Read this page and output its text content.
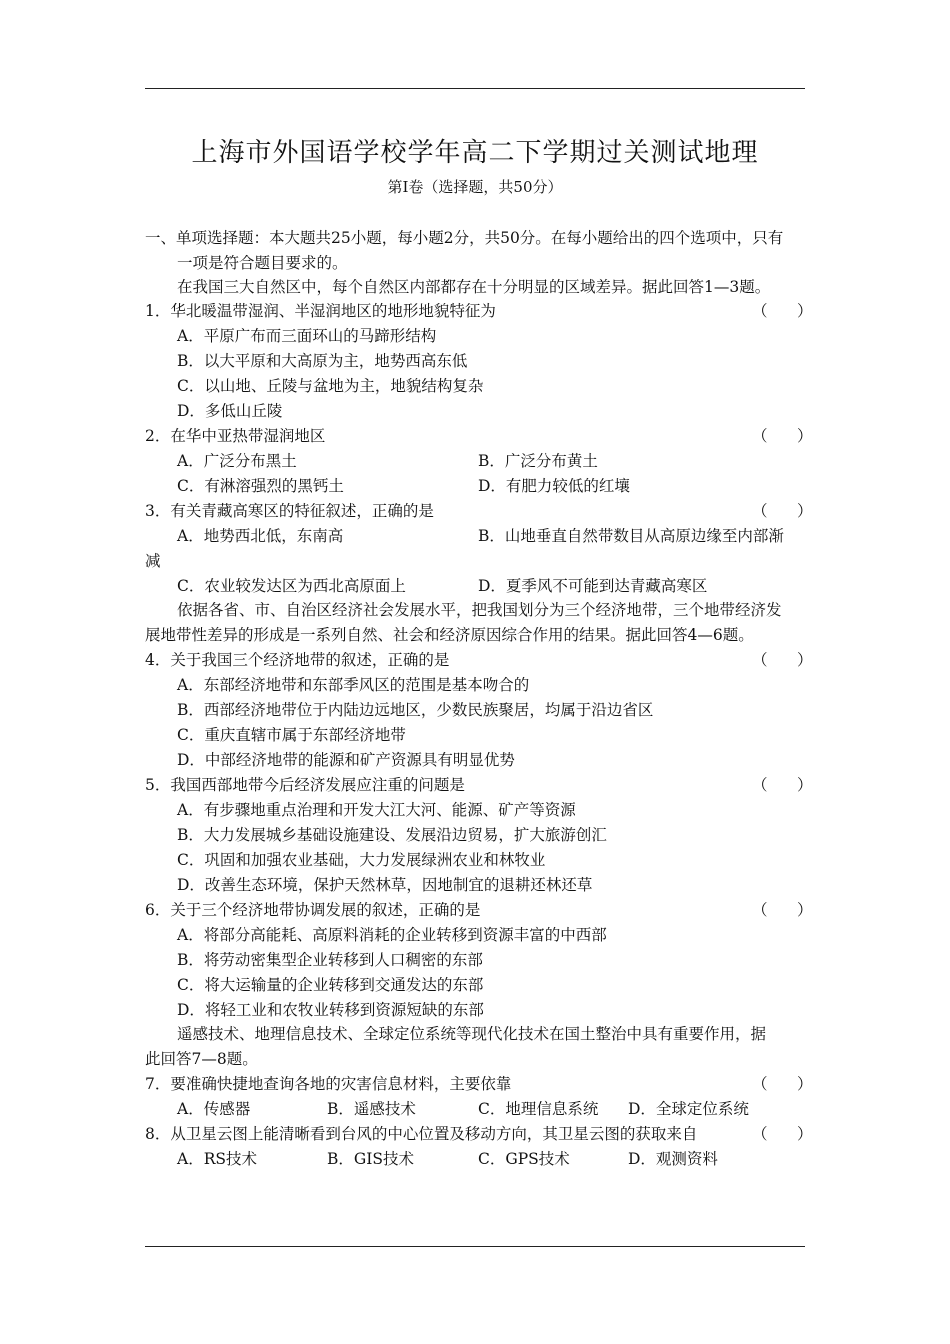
上海市外国语学校学年高二下学期过关测试地理
第Ⅰ卷（选择题，共50分）
一、单项选择题：本大题共25小题，每小题2分，共50分。在每小题给出的四个选项中，只有
一项是符合题目要求的。
在我国三大自然区中，每个自然区内部都存在十分明显的区域差异。据此回答1—3题。
1．华北暖温带湿润、半湿润地区的地形地貌特征为	（      ）
A．平原广布而三面环山的马蹄形结构
B．以大平原和大高原为主，地势西高东低
C．以山地、丘陵与盆地为主，地貌结构复杂
D．多低山丘陵
2．在华中亚热带湿润地区	（      ）
A．广泛分布黑土	B．广泛分布黄土
C．有淋溶强烈的黑钙土	D．有肥力较低的红壤
3．有关青藏高寒区的特征叙述，正确的是	（      ）
A．地势西北低，东南高	B．山地垂直自然带数目从高原边缘至内部渐
减
C．农业较发达区为西北高原面上	D．夏季风不可能到达青藏高寒区
依据各省、市、自治区经济社会发展水平，把我国划分为三个经济地带，三个地带经济发
展地带性差异的形成是一系列自然、社会和经济原因综合作用的结果。据此回答4—6题。
4．关于我国三个经济地带的叙述，正确的是	（      ）
A．东部经济地带和东部季风区的范围是基本吻合的
B．西部经济地带位于内陆边远地区，少数民族聚居，均属于沿边省区
C．重庆直辖市属于东部经济地带
D．中部经济地带的能源和矿产资源具有明显优势
5．我国西部地带今后经济发展应注重的问题是	（      ）
A．有步骤地重点治理和开发大江大河、能源、矿产等资源
B．大力发展城乡基础设施建设、发展沿边贸易，扩大旅游创汇
C．巩固和加强农业基础，大力发展绿洲农业和林牧业
D．改善生态环境，保护天然林草，因地制宜的退耕还林还草
6．关于三个经济地带协调发展的叙述，正确的是	（      ）
A．将部分高能耗、高原料消耗的企业转移到资源丰富的中西部
B．将劳动密集型企业转移到人口稠密的东部
C．将大运输量的企业转移到交通发达的东部
D．将轻工业和农牧业转移到资源短缺的东部
遥感技术、地理信息技术、全球定位系统等现代化技术在国土整治中具有重要作用，据
此回答7—8题。
7．要准确快捷地查询各地的灾害信息材料，主要依靠	（      ）
A．传感器	B．遥感技术	C．地理信息系统 D．全球定位系统
8．从卫星云图上能清晰看到台风的中心位置及移动方向，其卫星云图的获取来自	（      ）
A．RS技术	B．GIS技术	C．GPS技术	D．观测资料
